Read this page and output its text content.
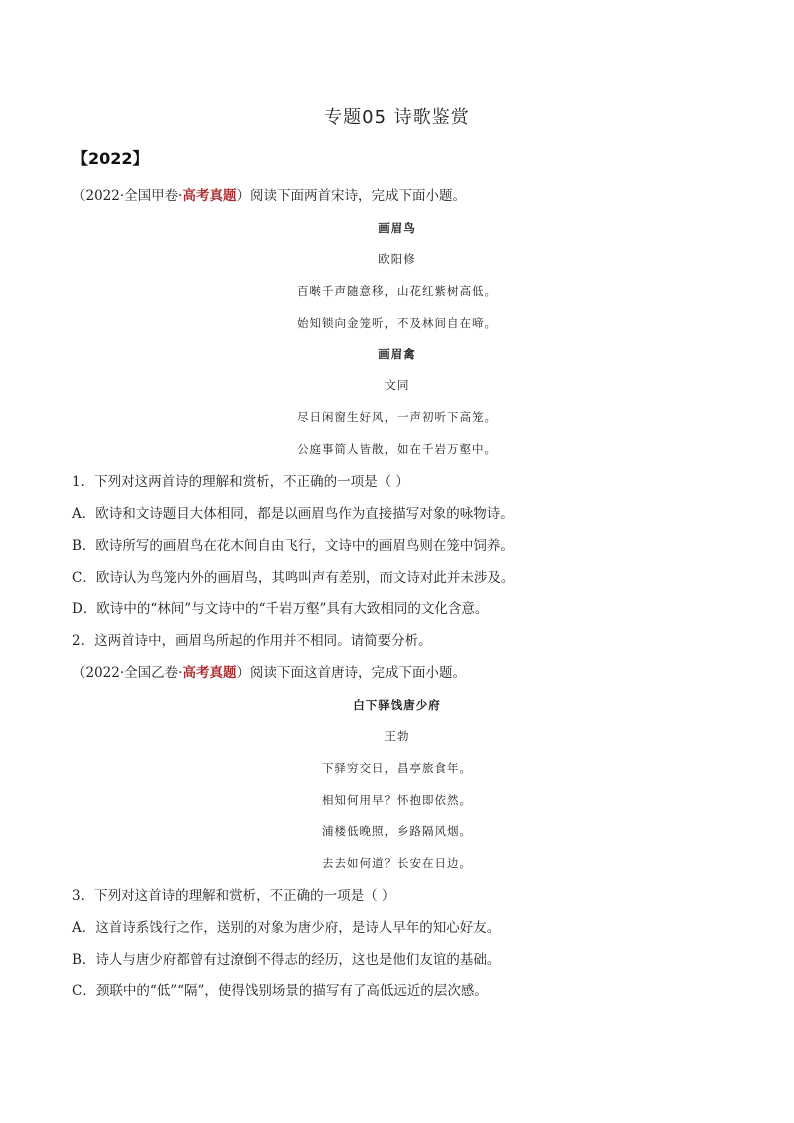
专题05 诗歌鉴赏
【2022】
（2022·全国甲卷·高考真题）阅读下面两首宋诗，完成下面小题。
画眉鸟
欧阳修
百啭千声随意移，山花红紫树高低。
始知锁向金笼听，不及林间自在啼。
画眉禽
文同
尽日闲窗生好风，一声初听下高笼。
公庭事简人皆散，如在千岩万壑中。
1．下列对这两首诗的理解和赏析，不正确的一项是（ ）
A．欧诗和文诗题目大体相同，都是以画眉鸟作为直接描写对象的咏物诗。
B．欧诗所写的画眉鸟在花木间自由飞行，文诗中的画眉鸟则在笼中饲养。
C．欧诗认为鸟笼内外的画眉鸟，其鸣叫声有差别，而文诗对此并未涉及。
D．欧诗中的“林间”与文诗中的“千岩万壑”具有大致相同的文化含意。
2．这两首诗中，画眉鸟所起的作用并不相同。请简要分析。
（2022·全国乙卷·高考真题）阅读下面这首唐诗，完成下面小题。
白下驿饯唐少府
王勃
下驿穷交日，昌亭旅食年。
相知何用早？怀抱即依然。
浦楼低晚照，乡路隔风烟。
去去如何道？长安在日边。
3．下列对这首诗的理解和赏析，不正确的一项是（ ）
A．这首诗系饯行之作，送别的对象为唐少府，是诗人早年的知心好友。
B．诗人与唐少府都曾有过潦倒不得志的经历，这也是他们友谊的基础。
C．颈联中的“低”“隔”，使得饯别场景的描写有了高低远近的层次感。
